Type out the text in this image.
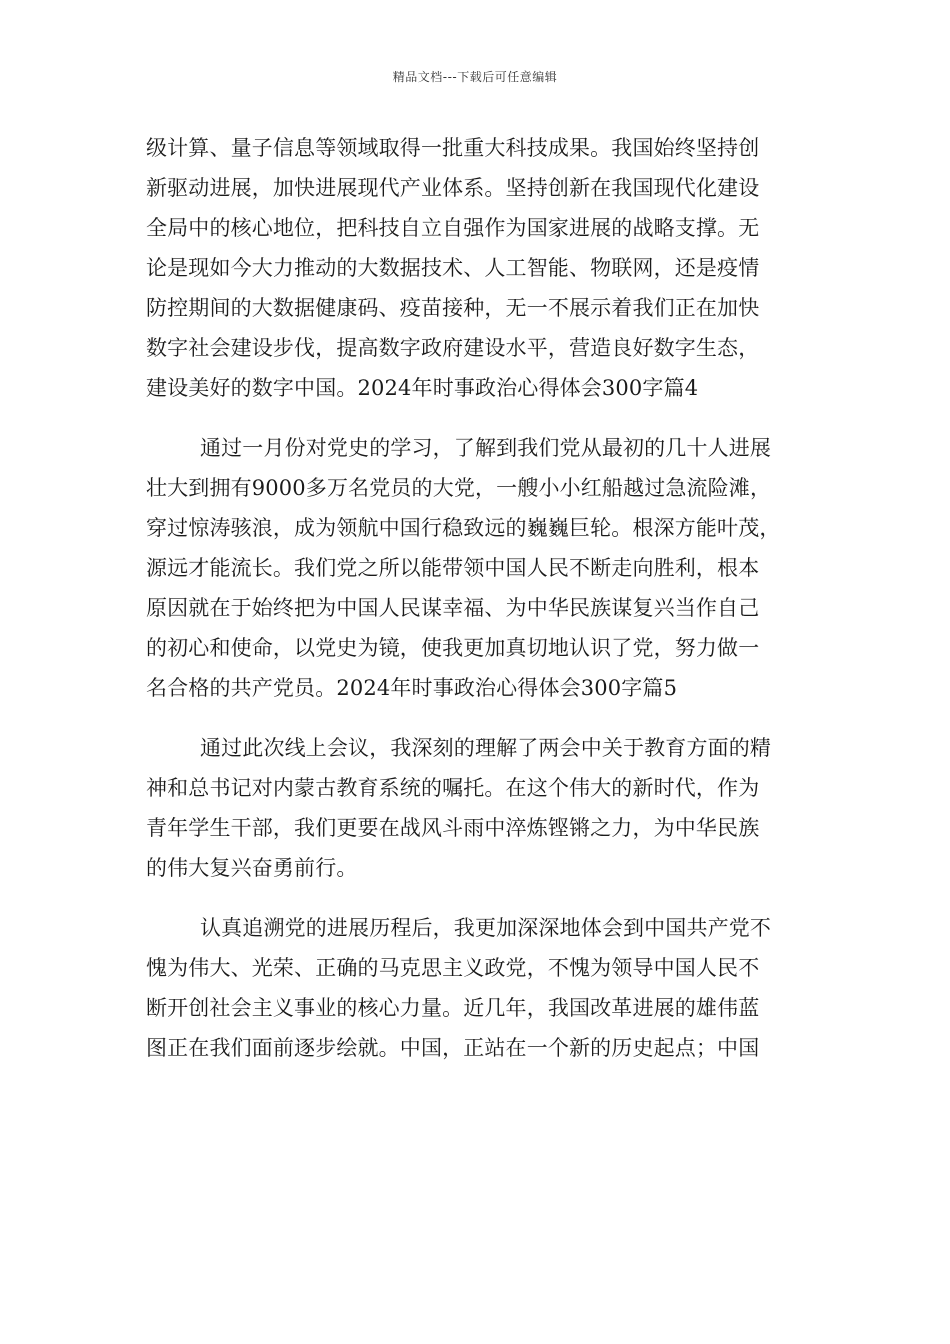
精品文档---下载后可任意编辑
级计算、量子信息等领域取得一批重大科技成果。我国始终坚持创
新驱动进展，加快进展现代产业体系。坚持创新在我国现代化建设
全局中的核心地位，把科技自立自强作为国家进展的战略支撑。无
论是现如今大力推动的大数据技术、人工智能、物联网，还是疫情
防控期间的大数据健康码、疫苗接种，无一不展示着我们正在加快
数字社会建设步伐，提高数字政府建设水平，营造良好数字生态，
建设美好的数字中国。2024年时事政治心得体会300字篇4
通过一月份对党史的学习，了解到我们党从最初的几十人进展
壮大到拥有9000多万名党员的大党，一艘小小红船越过急流险滩，
穿过惊涛骇浪，成为领航中国行稳致远的巍巍巨轮。根深方能叶茂，
源远才能流长。我们党之所以能带领中国人民不断走向胜利，根本
原因就在于始终把为中国人民谋幸福、为中华民族谋复兴当作自己
的初心和使命，以党史为镜，使我更加真切地认识了党，努力做一
名合格的共产党员。2024年时事政治心得体会300字篇5
通过此次线上会议，我深刻的理解了两会中关于教育方面的精
神和总书记对内蒙古教育系统的嘱托。在这个伟大的新时代，作为
青年学生干部，我们更要在战风斗雨中淬炼铿锵之力，为中华民族
的伟大复兴奋勇前行。
认真追溯党的进展历程后，我更加深深地体会到中国共产党不
愧为伟大、光荣、正确的马克思主义政党，不愧为领导中国人民不
断开创社会主义事业的核心力量。近几年，我国改革进展的雄伟蓝
图正在我们面前逐步绘就。中国，正站在一个新的历史起点；中国
